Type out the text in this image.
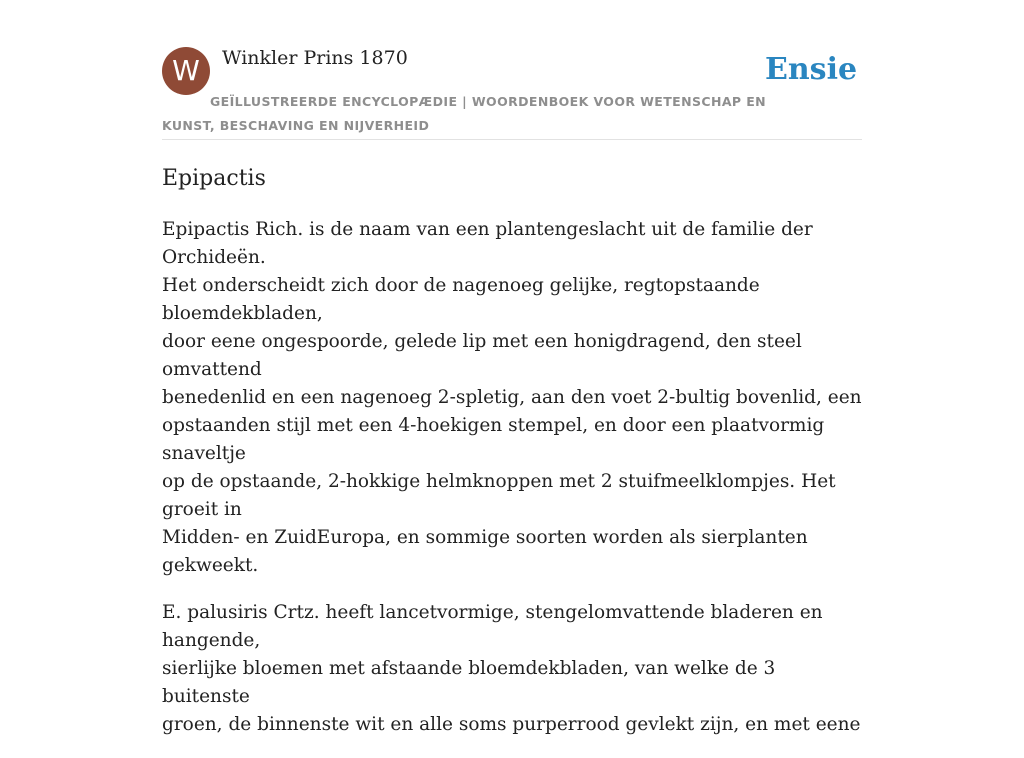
W	Winkler Prins 1870	Ensie
GEÏLLUSTREERDE ENCYCLOPÆDIE | WOORDENBOEK VOOR WETENSCHAP EN KUNST, BESCHAVING EN NIJVERHEID
Epipactis

Epipactis Rich. is de naam van een plantengeslacht uit de familie der Orchideën.
Het onderscheidt zich door de nagenoeg gelijke, regtopstaande bloemdekbladen,
door eene ongespoorde, gelede lip met een honigdragend, den steel omvattend
benedenlid en een nagenoeg 2-spletig, aan den voet 2-bultig bovenlid, een
opstaanden stijl met een 4-hoekigen stempel, en door een plaatvormig snaveltje
op de opstaande, 2-hokkige helmknoppen met 2 stuifmeelklompjes. Het groeit in
Midden- en ZuidEuropa, en sommige soorten worden als sierplanten gekweekt.

E. palusiris Crtz. heeft lancetvormige, stengelomvattende bladeren en hangende,
sierlijke bloemen met afstaande bloemdekbladen, van welke de 3 buitenste
groen, de binnenste wit en alle soms purperrood gevlekt zijn, en met eene
